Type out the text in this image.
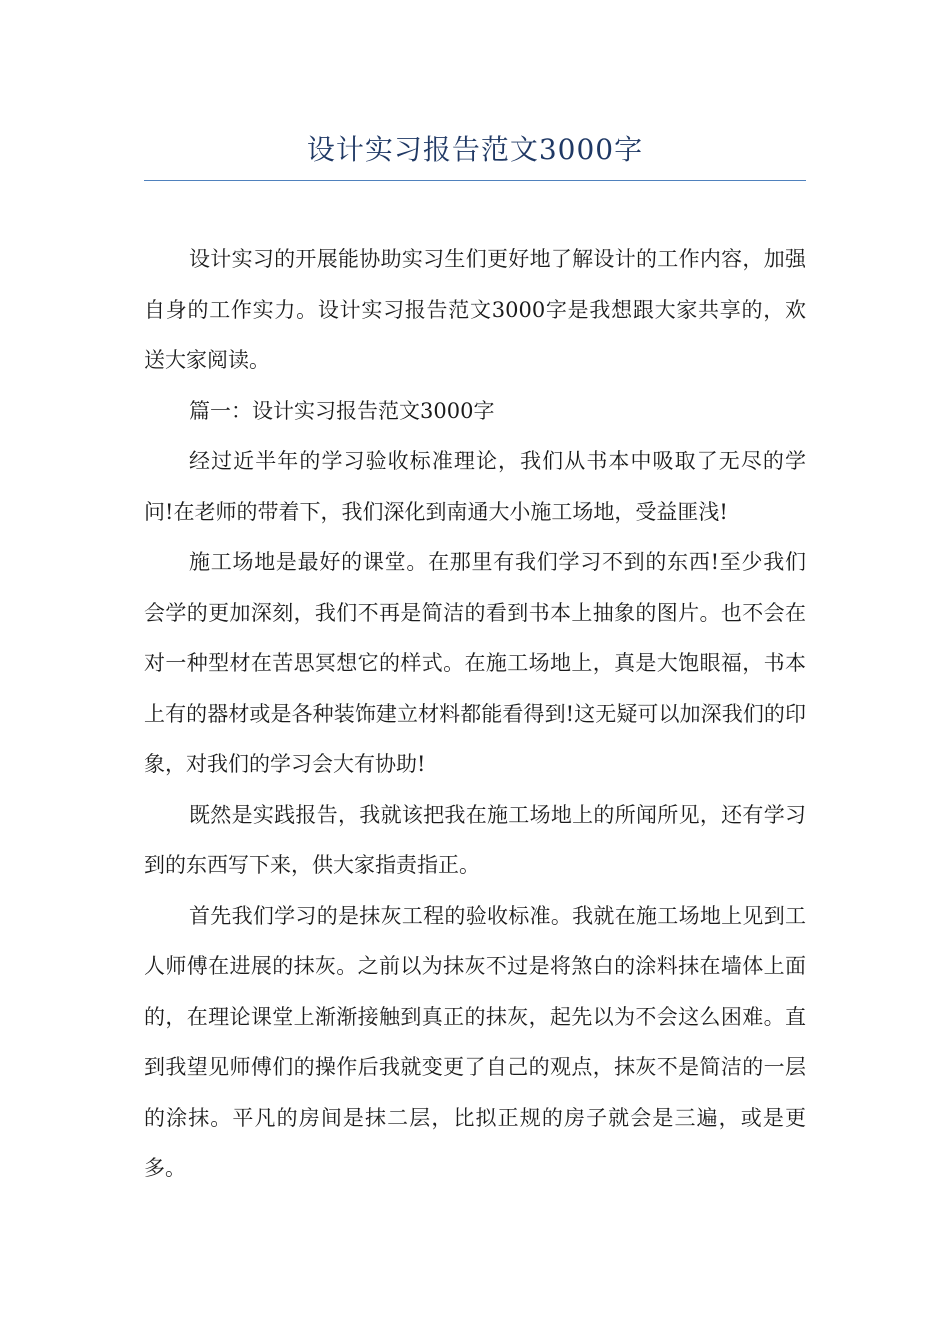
设计实习报告范文3000字

设计实习的开展能协助实习生们更好地了解设计的工作内容，加强自身的工作实力。设计实习报告范文3000字是我想跟大家共享的，欢送大家阅读。

篇一：设计实习报告范文3000字

经过近半年的学习验收标准理论，我们从书本中吸取了无尽的学问!在老师的带着下，我们深化到南通大小施工场地，受益匪浅!

施工场地是最好的课堂。在那里有我们学习不到的东西!至少我们会学的更加深刻，我们不再是简洁的看到书本上抽象的图片。也不会在对一种型材在苦思冥想它的样式。在施工场地上，真是大饱眼福，书本上有的器材或是各种装饰建立材料都能看得到!这无疑可以加深我们的印象，对我们的学习会大有协助!

既然是实践报告，我就该把我在施工场地上的所闻所见，还有学习到的东西写下来，供大家指责指正。

首先我们学习的是抹灰工程的验收标准。我就在施工场地上见到工人师傅在进展的抹灰。之前以为抹灰不过是将煞白的涂料抹在墙体上面的，在理论课堂上渐渐接触到真正的抹灰，起先以为不会这么困难。直到我望见师傅们的操作后我就变更了自己的观点，抹灰不是简洁的一层的涂抹。平凡的房间是抹二层，比拟正规的房子就会是三遍，或是更多。
